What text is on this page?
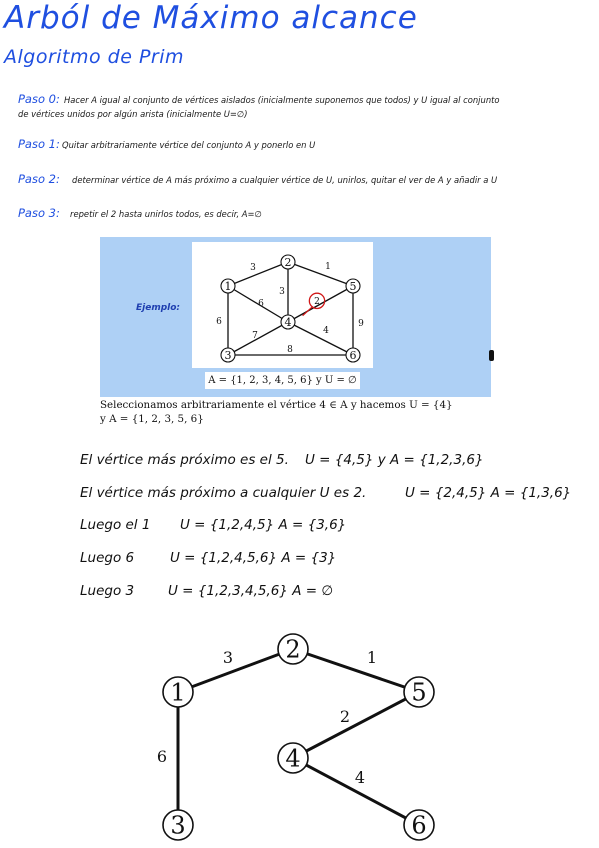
Arból de Máximo alcance
Algoritmo de Prim
Paso 0: Hacer A igual al conjunto de vértices aislados (inicialmente suponemos que todos) y U igual al conjunto
de vértices unidos por algún arista (inicialmente U=∅)
Paso 1: Quitar arbitrariamente vértice del conjunto A y ponerlo en U
Paso 2: determinar vértice de A más próximo a cualquier vértice de U, unirlos, quitar el ver de A y añadir a U
Paso 3: repetir el 2 hasta unirlos todos, es decir, A=∅
Ejemplo:
3	1
6
3
2
6
7	4
9
8
1
2
3
4
5
6
A = {1, 2, 3, 4, 5, 6} y U = ∅
Seleccionamos arbitrariamente el vértice 4 ∈ A y hacemos U = {4}
y A = {1, 2, 3, 5, 6}
El vértice más próximo es el 5. U = {4,5} y A = {1,2,3,6}
El vértice más próximo a cualquier U es 2.	U = {2,4,5} A = {1,3,6}
Luego el 1 U = {1,2,4,5} A = {3,6}
Luego 6	U = {1,2,4,5,6} A = {3}
Luego 3	U = {1,2,3,4,5,6} A = ∅
3	1
2
6
4
1
2
3
4
5
6
